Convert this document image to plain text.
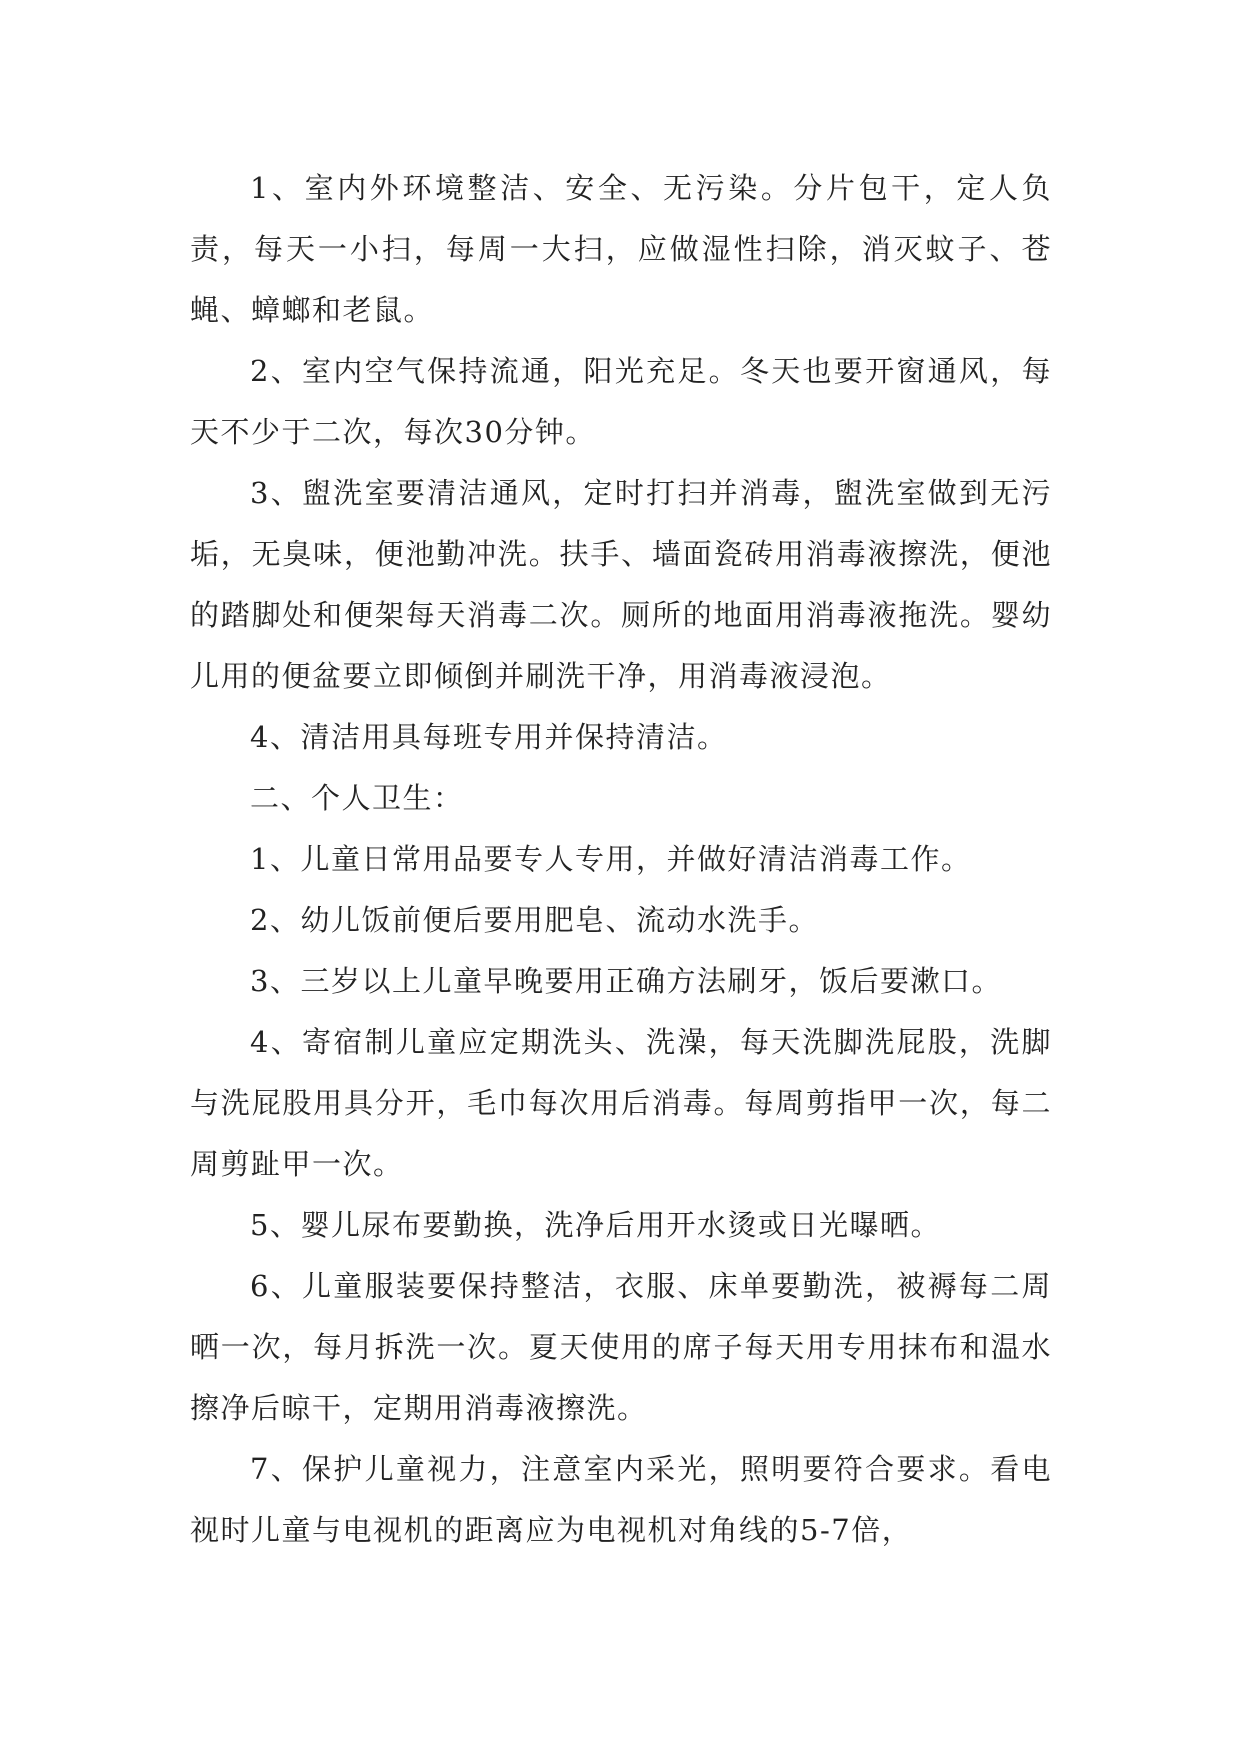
1、室内外环境整洁、安全、无污染。分片包干，定人负责，每天一小扫，每周一大扫，应做湿性扫除，消灭蚊子、苍蝇、蟑螂和老鼠。

2、室内空气保持流通，阳光充足。冬天也要开窗通风，每天不少于二次，每次30分钟。

3、盥洗室要清洁通风，定时打扫并消毒，盥洗室做到无污垢，无臭味，便池勤冲洗。扶手、墙面瓷砖用消毒液擦洗，便池的踏脚处和便架每天消毒二次。厕所的地面用消毒液拖洗。婴幼儿用的便盆要立即倾倒并刷洗干净，用消毒液浸泡。

4、清洁用具每班专用并保持清洁。

二、个人卫生：

1、儿童日常用品要专人专用，并做好清洁消毒工作。

2、幼儿饭前便后要用肥皂、流动水洗手。

3、三岁以上儿童早晚要用正确方法刷牙，饭后要漱口。

4、寄宿制儿童应定期洗头、洗澡，每天洗脚洗屁股，洗脚与洗屁股用具分开，毛巾每次用后消毒。每周剪指甲一次，每二周剪趾甲一次。

5、婴儿尿布要勤换，洗净后用开水烫或日光曝晒。

6、儿童服装要保持整洁，衣服、床单要勤洗，被褥每二周晒一次，每月拆洗一次。夏天使用的席子每天用专用抹布和温水擦净后晾干，定期用消毒液擦洗。

7、保护儿童视力，注意室内采光，照明要符合要求。看电视时儿童与电视机的距离应为电视机对角线的5-7倍，
